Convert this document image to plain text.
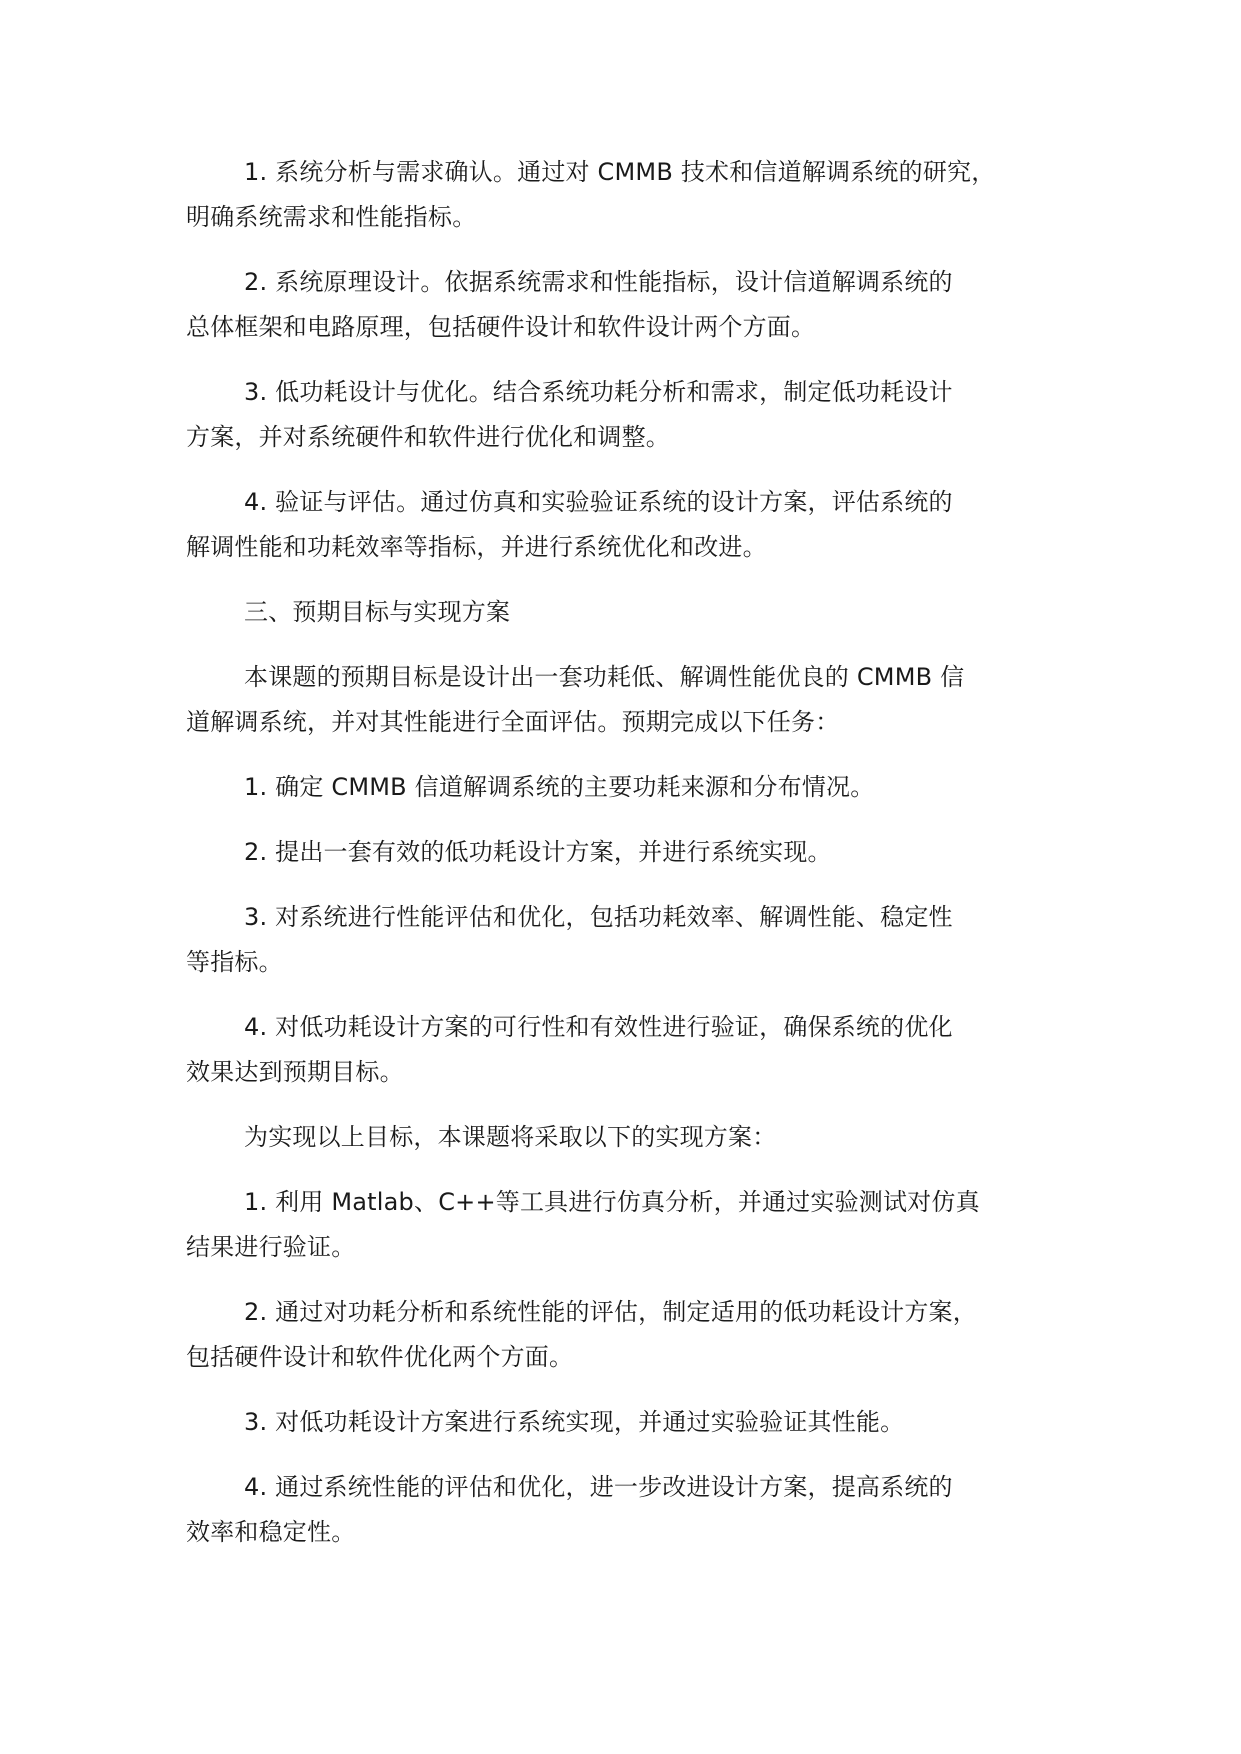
1. 系统分析与需求确认。通过对 CMMB 技术和信道解调系统的研究，
明确系统需求和性能指标。

2. 系统原理设计。依据系统需求和性能指标，设计信道解调系统的
总体框架和电路原理，包括硬件设计和软件设计两个方面。

3. 低功耗设计与优化。结合系统功耗分析和需求，制定低功耗设计
方案，并对系统硬件和软件进行优化和调整。

4. 验证与评估。通过仿真和实验验证系统的设计方案，评估系统的
解调性能和功耗效率等指标，并进行系统优化和改进。

三、预期目标与实现方案

本课题的预期目标是设计出一套功耗低、解调性能优良的 CMMB 信
道解调系统，并对其性能进行全面评估。预期完成以下任务：

1. 确定 CMMB 信道解调系统的主要功耗来源和分布情况。

2. 提出一套有效的低功耗设计方案，并进行系统实现。

3. 对系统进行性能评估和优化，包括功耗效率、解调性能、稳定性
等指标。

4. 对低功耗设计方案的可行性和有效性进行验证，确保系统的优化
效果达到预期目标。

为实现以上目标，本课题将采取以下的实现方案：

1. 利用 Matlab、C++等工具进行仿真分析，并通过实验测试对仿真
结果进行验证。

2. 通过对功耗分析和系统性能的评估，制定适用的低功耗设计方案，
包括硬件设计和软件优化两个方面。

3. 对低功耗设计方案进行系统实现，并通过实验验证其性能。

4. 通过系统性能的评估和优化，进一步改进设计方案，提高系统的
效率和稳定性。
